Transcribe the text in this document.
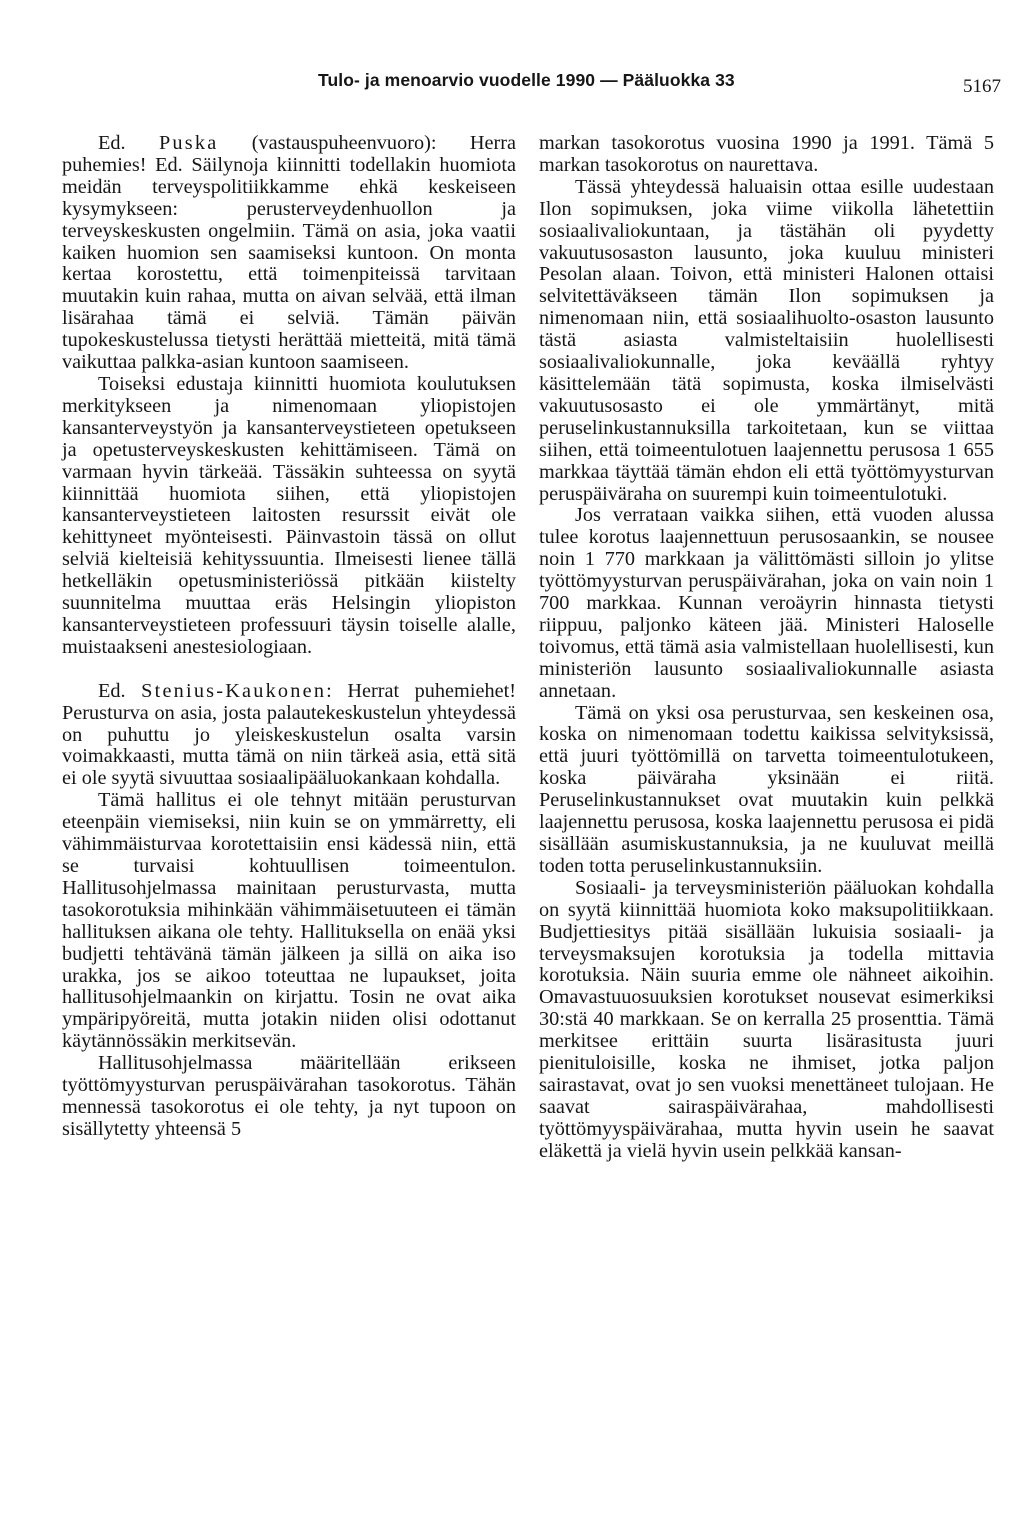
Tulo- ja menoarvio vuodelle 1990 — Pääluokka 33	5167

Ed. Puska (vastauspuheenvuoro): Herra puhemies! Ed. Säilynoja kiinnitti todellakin huomiota meidän terveyspolitiikkamme ehkä keskeiseen kysymykseen: perusterveydenhuollon ja terveyskeskusten ongelmiin. Tämä on asia, joka vaatii kaiken huomion sen saamiseksi kuntoon. On monta kertaa korostettu, että toimenpiteissä tarvitaan muutakin kuin rahaa, mutta on aivan selvää, että ilman lisärahaa tämä ei selviä. Tämän päivän tupokeskustelussa tietysti herättää mietteitä, mitä tämä vaikuttaa palkka-asian kuntoon saamiseen.

Toiseksi edustaja kiinnitti huomiota koulutuksen merkitykseen ja nimenomaan yliopistojen kansanterveystyön ja kansanterveystieteen opetukseen ja opetusterveyskeskusten kehittämiseen. Tämä on varmaan hyvin tärkeää. Tässäkin suhteessa on syytä kiinnittää huomiota siihen, että yliopistojen kansanterveystieteen laitosten resurssit eivät ole kehittyneet myönteisesti. Päinvastoin tässä on ollut selviä kielteisiä kehityssuuntia. Ilmeisesti lienee tällä hetkelläkin opetusministeriössä pitkään kiistelty suunnitelma muuttaa eräs Helsingin yliopiston kansanterveystieteen professuuri täysin toiselle alalle, muistaakseni anestesiologiaan.

Ed. Stenius-Kaukonen: Herrat puhemiehet! Perusturva on asia, josta palautekeskustelun yhteydessä on puhuttu jo yleiskeskustelun osalta varsin voimakkaasti, mutta tämä on niin tärkeä asia, että sitä ei ole syytä sivuuttaa sosiaalipääluokankaan kohdalla.

Tämä hallitus ei ole tehnyt mitään perusturvan eteenpäin viemiseksi, niin kuin se on ymmärretty, eli vähimmäisturvaa korotettaisiin ensi kädessä niin, että se turvaisi kohtuullisen toimeentulon. Hallitusohjelmassa mainitaan perusturvasta, mutta tasokorotuksia mihinkään vähimmäisetuuteen ei tämän hallituksen aikana ole tehty. Hallituksella on enää yksi budjetti tehtävänä tämän jälkeen ja sillä on aika iso urakka, jos se aikoo toteuttaa ne lupaukset, joita hallitusohjelmaankin on kirjattu. Tosin ne ovat aika ympäripyöreitä, mutta jotakin niiden olisi odottanut käytännössäkin merkitsevän.

Hallitusohjelmassa määritellään erikseen työttömyysturvan peruspäivärahan tasokorotus. Tähän mennessä tasokorotus ei ole tehty, ja nyt tupoon on sisällytetty yhteensä 5

markan tasokorotus vuosina 1990 ja 1991. Tämä 5 markan tasokorotus on naurettava.

Tässä yhteydessä haluaisin ottaa esille uudestaan Ilon sopimuksen, joka viime viikolla lähetettiin sosiaalivaliokuntaan, ja tästähän oli pyydetty vakuutusosaston lausunto, joka kuuluu ministeri Pesolan alaan. Toivon, että ministeri Halonen ottaisi selvitettäväkseen tämän Ilon sopimuksen ja nimenomaan niin, että sosiaalihuolto-osaston lausunto tästä asiasta valmisteltaisiin huolellisesti sosiaalivaliokunnalle, joka keväällä ryhtyy käsittelemään tätä sopimusta, koska ilmiselvästi vakuutusosasto ei ole ymmärtänyt, mitä peruselinkustannuksilla tarkoitetaan, kun se viittaa siihen, että toimeentulotuen laajennettu perusosa 1 655 markkaa täyttää tämän ehdon eli että työttömyysturvan peruspäiväraha on suurempi kuin toimeentulotuki.

Jos verrataan vaikka siihen, että vuoden alussa tulee korotus laajennettuun perusosaankin, se nousee noin 1 770 markkaan ja välittömästi silloin jo ylitse työttömyysturvan peruspäivärahan, joka on vain noin 1 700 markkaa. Kunnan veroäyrin hinnasta tietysti riippuu, paljonko käteen jää. Ministeri Haloselle toivomus, että tämä asia valmistellaan huolellisesti, kun ministeriön lausunto sosiaalivaliokunnalle asiasta annetaan.

Tämä on yksi osa perusturvaa, sen keskeinen osa, koska on nimenomaan todettu kaikissa selvityksissä, että juuri työttömillä on tarvetta toimeentulotukeen, koska päiväraha yksinään ei riitä. Peruselinkustannukset ovat muutakin kuin pelkkä laajennettu perusosa, koska laajennettu perusosa ei pidä sisällään asumiskustannuksia, ja ne kuuluvat meillä toden totta peruselinkustannuksiin.

Sosiaali- ja terveysministeriön pääluokan kohdalla on syytä kiinnittää huomiota koko maksupolitiikkaan. Budjettiesitys pitää sisällään lukuisia sosiaali- ja terveysmaksujen korotuksia ja todella mittavia korotuksia. Näin suuria emme ole nähneet aikoihin. Omavastuuosuuksien korotukset nousevat esimerkiksi 30:stä 40 markkaan. Se on kerralla 25 prosenttia. Tämä merkitsee erittäin suurta lisärasitusta juuri pienituloisille, koska ne ihmiset, jotka paljon sairastavat, ovat jo sen vuoksi menettäneet tulojaan. He saavat sairaspäivärahaa, mahdollisesti työttömyyspäivärahaa, mutta hyvin usein he saavat eläkettä ja vielä hyvin usein pelkkää kansan-
